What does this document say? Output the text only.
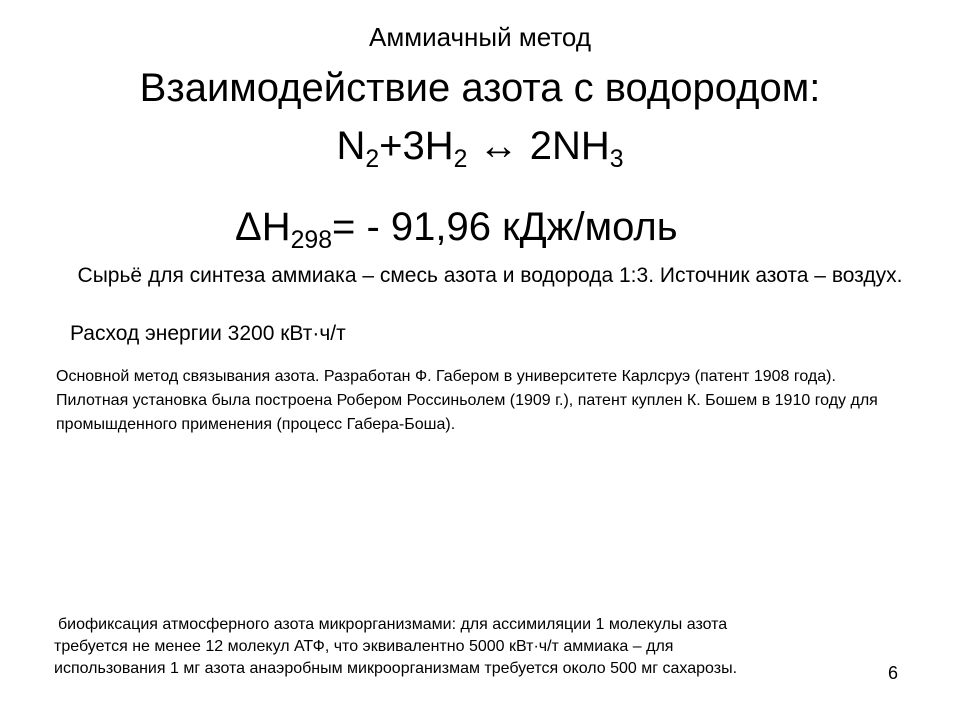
Аммиачный метод
Взаимодействие азота с водородом:
$N_2+3H_2$ ↔ $2NH_3$
$\Delta H_{298}= - 91,96$ кДж/моль
Сырьё для синтеза аммиака – смесь азота и водорода 1:3. Источник азота – воздух.
Расход энергии 3200 кВт·ч/т
Основной метод связывания азота. Разработан Ф. Габером в университете Карлсруэ (патент 1908 года). Пилотная установка была построена Робером Россиньолем (1909 г.), патент куплен К. Бошем в 1910 году для промышденного применения (процесс Габера-Боша).
биофиксация атмосферного азота микрорганизмами: для ассимиляции 1 молекулы азота
требуется не менее 12 молекул АТФ, что эквивалентно 5000 кВт·ч/т аммиака – для
использования 1 мг азота анаэробным микроорганизмам требуется около 500 мг сахарозы.	6
